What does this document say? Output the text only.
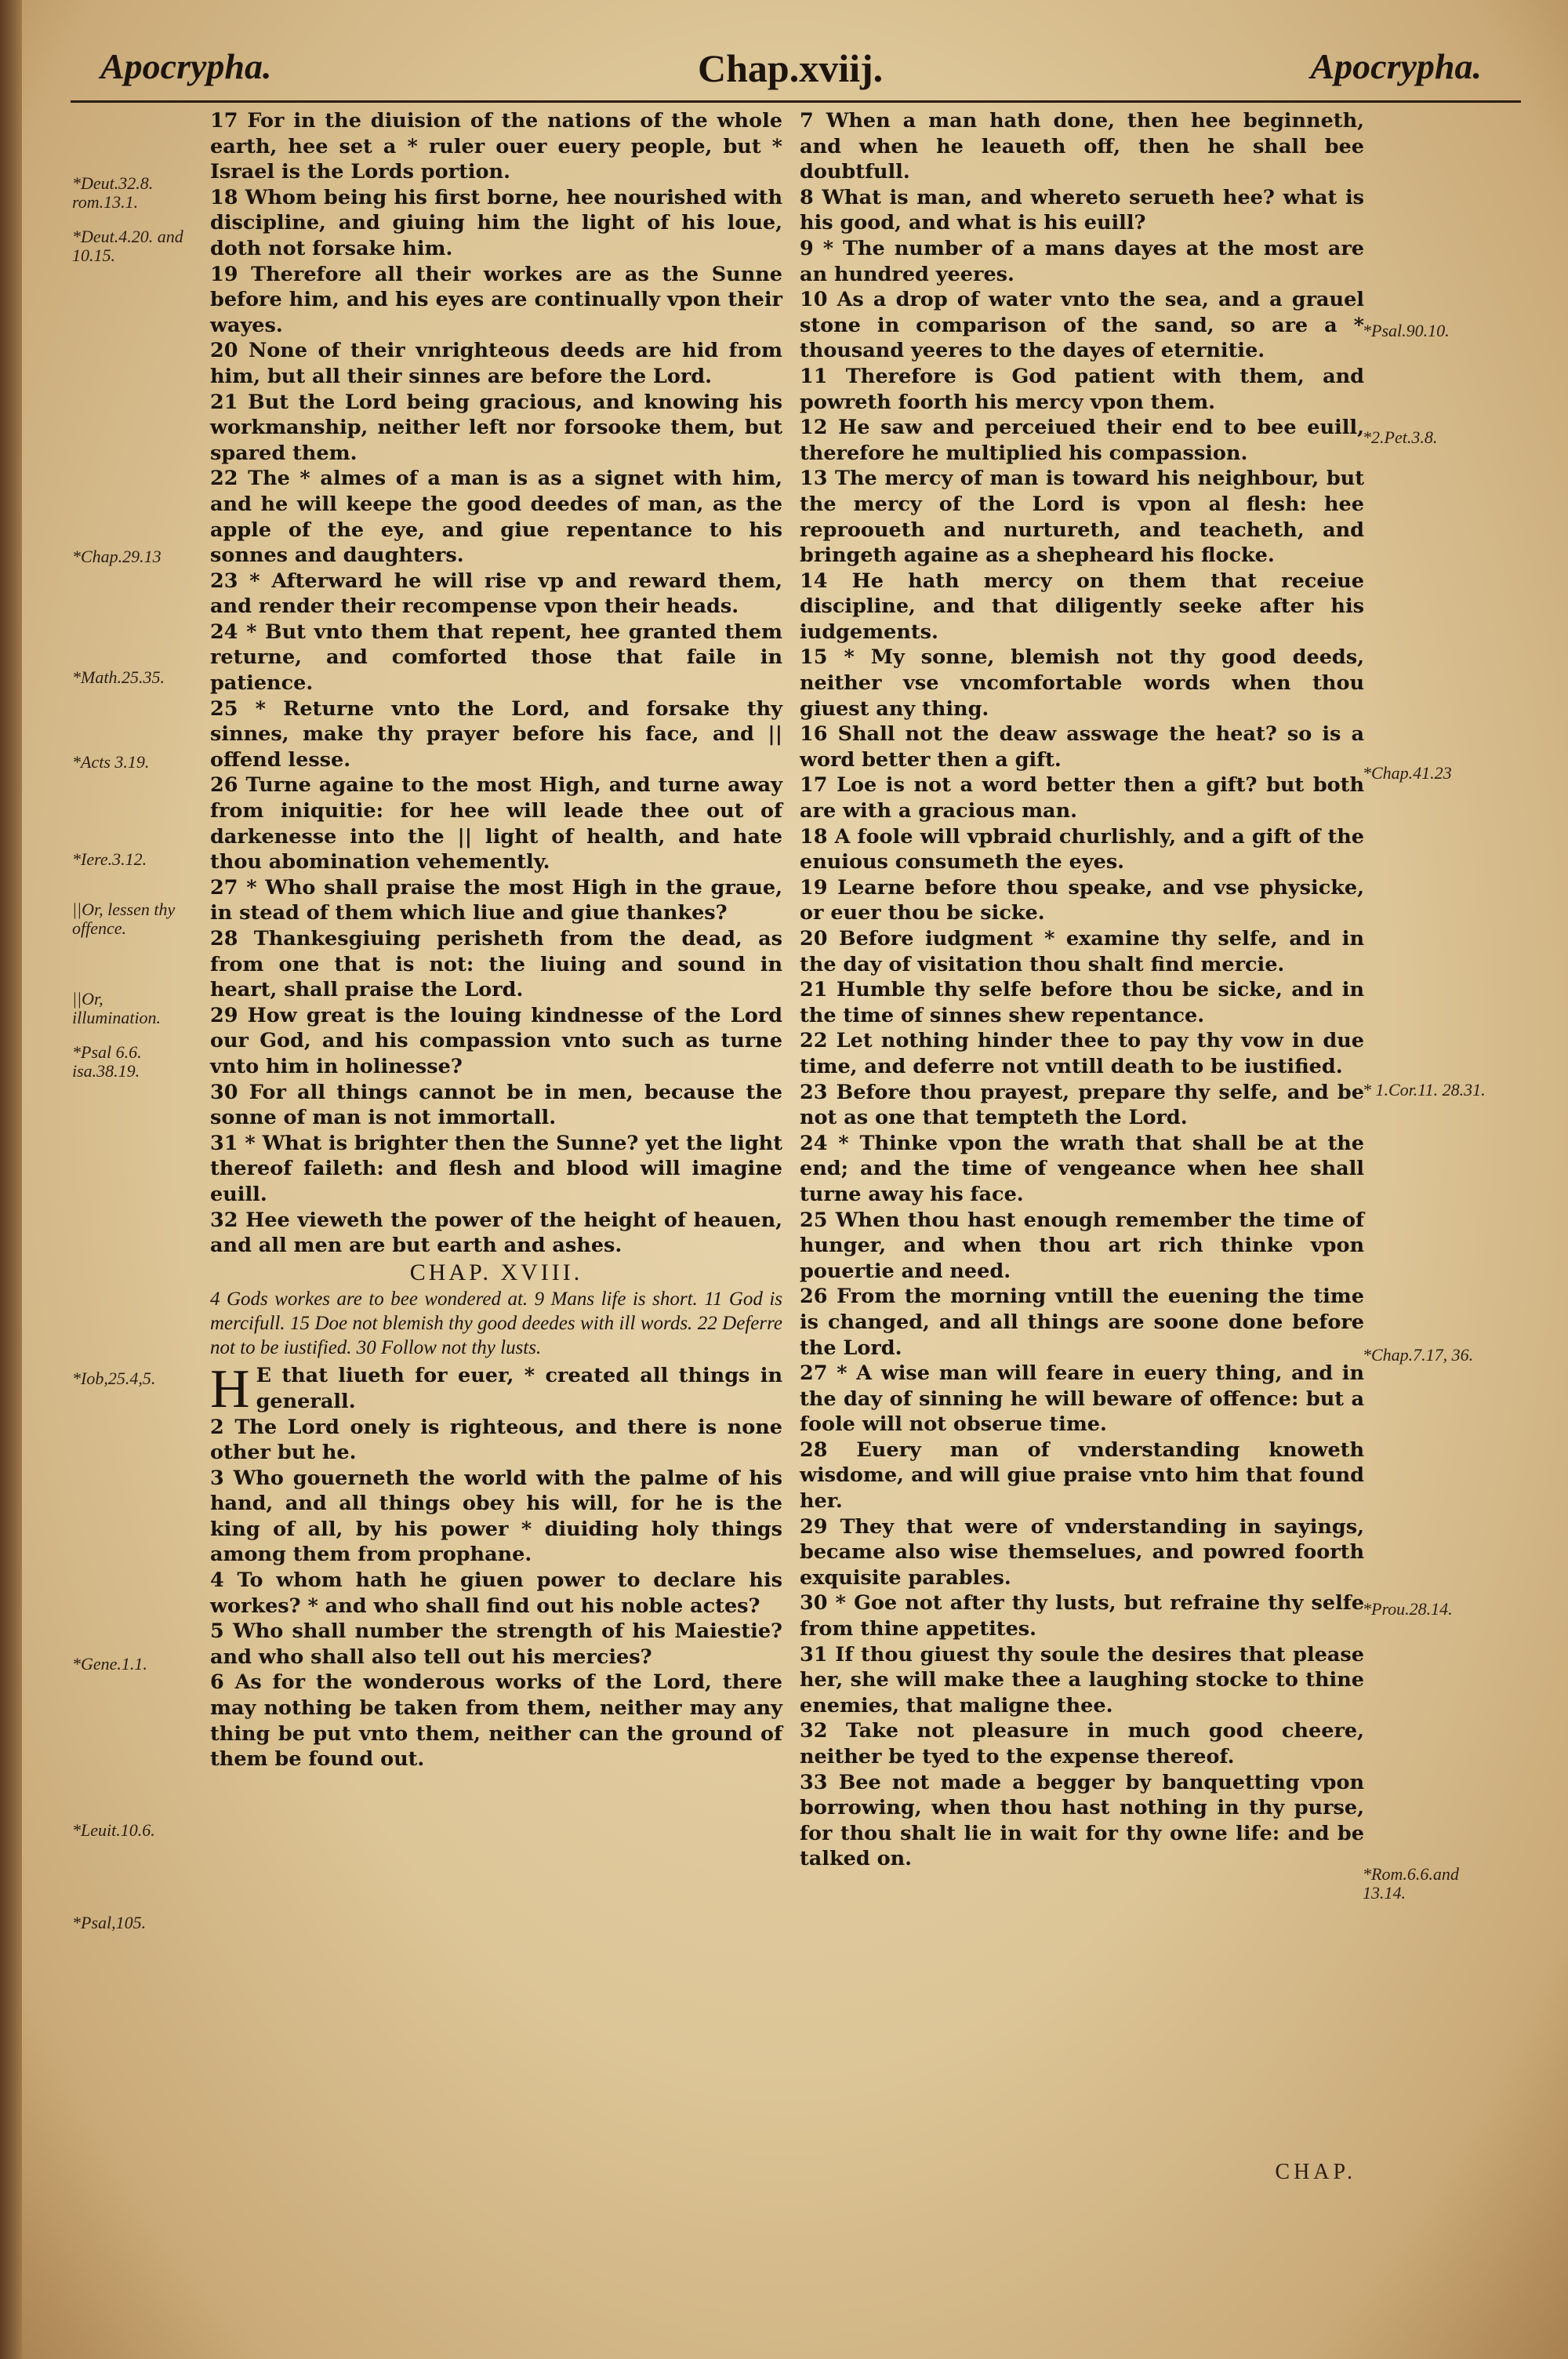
Apocrypha.	Chap.xviij.	Apocrypha.

17 For in the diuision of the nations of the whole earth, hee set a * ruler ouer euery people, but * Israel is the Lords portion.

18 Whom being his first borne, hee nourished with discipline, and giuing him the light of his loue, doth not forsake him.

19 Therefore all their workes are as the Sunne before him, and his eyes are continually vpon their wayes.

20 None of their vnrighteous deeds are hid from him, but all their sinnes are before the Lord.

21 But the Lord being gracious, and knowing his workmanship, neither left nor forsooke them, but spared them.

22 The * almes of a man is as a signet with him, and he will keepe the good deedes of man, as the apple of the eye, and giue repentance to his sonnes and daughters.

23 * Afterward he will rise vp and reward them, and render their recompense vpon their heads.

24 * But vnto them that repent, hee granted them returne, and comforted those that faile in patience.

25 * Returne vnto the Lord, and forsake thy sinnes, make thy prayer before his face, and || offend lesse.

26 Turne againe to the most High, and turne away from iniquitie: for hee will leade thee out of darkenesse into the || light of health, and hate thou abomination vehemently.

27 * Who shall praise the most High in the graue, in stead of them which liue and giue thankes?

28 Thankesgiuing perisheth from the dead, as from one that is not: the liuing and sound in heart, shall praise the Lord.

29 How great is the louing kindnesse of the Lord our God, and his compassion vnto such as turne vnto him in holinesse?

30 For all things cannot be in men, because the sonne of man is not immortall.

31 * What is brighter then the Sunne? yet the light thereof faileth: and flesh and blood will imagine euill.

32 Hee vieweth the power of the height of heauen, and all men are but earth and ashes.

CHAP. XVIII.
4 Gods workes are to bee wondered at. 9 Mans life is short. 11 God is mercifull. 15 Doe not blemish thy good deedes with ill words. 22 Deferre not to be iustified. 30 Follow not thy lusts.

H E that liueth for euer, * created all things in generall.

2 The Lord onely is righteous, and there is none other but he.

3 Who gouerneth the world with the palme of his hand, and all things obey his will, for he is the king of all, by his power * diuiding holy things among them from prophane.

4 To whom hath he giuen power to declare his workes? * and who shall find out his noble actes?

5 Who shall number the strength of his Maiestie? and who shall also tell out his mercies?

6 As for the wonderous works of the Lord, there may nothing be taken from them, neither may any thing be put vnto them, neither can the ground of them be found out.

7 When a man hath done, then hee beginneth, and when he leaueth off, then he shall bee doubtfull.

8 What is man, and whereto serueth hee? what is his good, and what is his euill?

9 * The number of a mans dayes at the most are an hundred yeeres.

10 As a drop of water vnto the sea, and a grauel stone in comparison of the sand, so are a * thousand yeeres to the dayes of eternitie.

11 Therefore is God patient with them, and powreth foorth his mercy vpon them.

12 He saw and perceiued their end to bee euill, therefore he multiplied his compassion.

13 The mercy of man is toward his neighbour, but the mercy of the Lord is vpon al flesh: hee reprooueth and nurtureth, and teacheth, and bringeth againe as a shepheard his flocke.

14 He hath mercy on them that receiue discipline, and that diligently seeke after his iudgements.

15 * My sonne, blemish not thy good deeds, neither vse vncomfortable words when thou giuest any thing.

16 Shall not the deaw asswage the heat? so is a word better then a gift.

17 Loe is not a word better then a gift? but both are with a gracious man.

18 A foole will vpbraid churlishly, and a gift of the enuious consumeth the eyes.

19 Learne before thou speake, and vse physicke, or euer thou be sicke.

20 Before iudgment * examine thy selfe, and in the day of visitation thou shalt find mercie.

21 Humble thy selfe before thou be sicke, and in the time of sinnes shew repentance.

22 Let nothing hinder thee to pay thy vow in due time, and deferre not vntill death to be iustified.

23 Before thou prayest, prepare thy selfe, and be not as one that tempteth the Lord.

24 * Thinke vpon the wrath that shall be at the end; and the time of vengeance when hee shall turne away his face.

25 When thou hast enough remember the time of hunger, and when thou art rich thinke vpon pouertie and need.

26 From the morning vntill the euening the time is changed, and all things are soone done before the Lord.

27 * A wise man will feare in euery thing, and in the day of sinning he will beware of offence: but a foole will not obserue time.

28 Euery man of vnderstanding knoweth wisdome, and will giue praise vnto him that found her.

29 They that were of vnderstanding in sayings, became also wise themselues, and powred foorth exquisite parables.

30 * Goe not after thy lusts, but refraine thy selfe from thine appetites.

31 If thou giuest thy soule the desires that please her, she will make thee a laughing stocke to thine enemies, that maligne thee.

32 Take not pleasure in much good cheere, neither be tyed to the expense thereof.

33 Bee not made a begger by banquetting vpon borrowing, when thou hast nothing in thy purse, for thou shalt lie in wait for thy owne life: and be talked on.

*Deut.32.8. rom.13.1.
*Deut.4.20. and 10.15.
*Chap.29.13
*Math.25.35.
*Acts 3.19.
*Iere.3.12.
||Or, lessen thy offence.
||Or, illumination.
*Psal 6.6. isa.38.19.
*Iob,25.4,5.
*Gene.1.1.
*Leuit.10.6.
*Psal,105.
*Psal.90.10.
*2.Pet.3.8.
*Chap.41.23
* 1.Cor.11. 28.31.
*Chap.7.17, 36.
*Prou.28.14.
*Rom.6.6.and 13.14.
CHAP.
